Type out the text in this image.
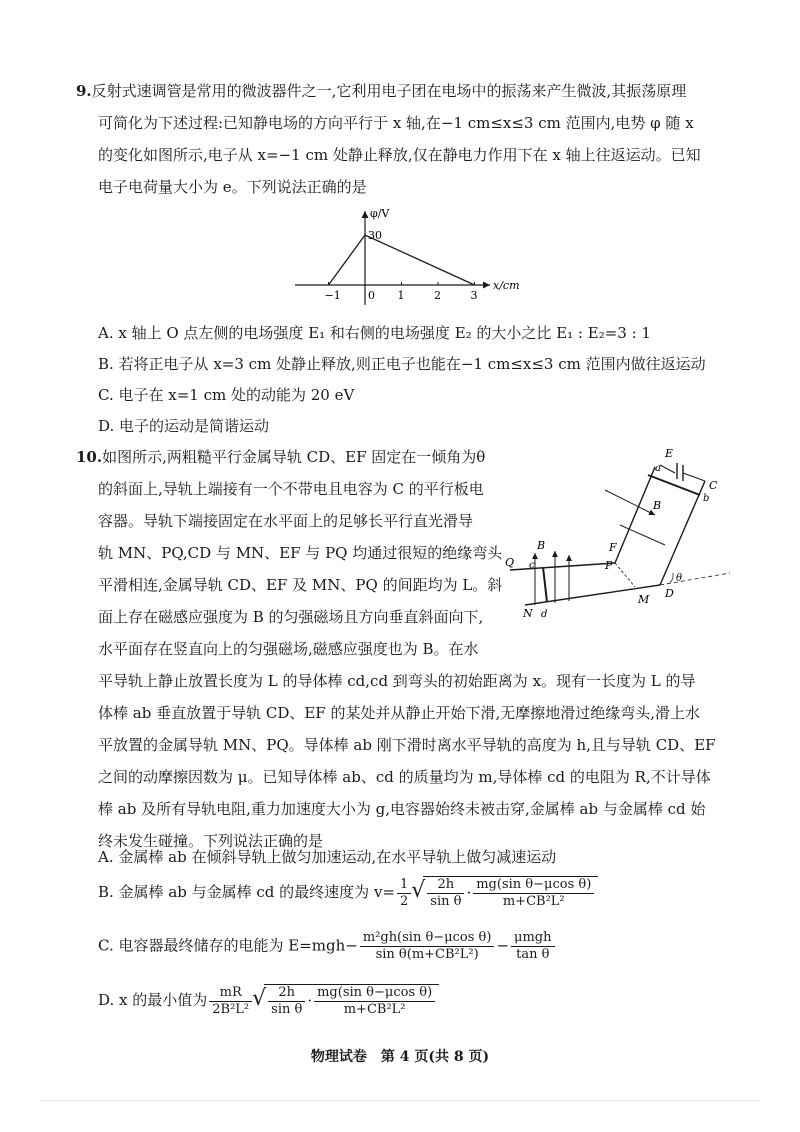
9.反射式速调管是常用的微波器件之一,它利用电子团在电场中的振荡来产生微波,其振荡原理
可简化为下述过程:已知静电场的方向平行于 x 轴,在−1 cm≤x≤3 cm 范围内,电势 φ 随 x
的变化如图所示,电子从 x=−1 cm 处静止释放,仅在静电力作用下在 x 轴上往返运动。已知
电子电荷量大小为 e。下列说法正确的是
φ/V
x/cm
−1 0 1	2	3
30
A. x 轴上 O 点左侧的电场强度 E₁ 和右侧的电场强度 E₂ 的大小之比 E₁ : E₂=3 : 1
B. 若将正电子从 x=3 cm 处静止释放,则正电子也能在−1 cm≤x≤3 cm 范围内做往返运动
C. 电子在 x=1 cm 处的动能为 20 eV
D. 电子的运动是简谐运动
10.如图所示,两粗糙平行金属导轨 CD、EF 固定在一倾角为θ
的斜面上,导轨上端接有一个不带电且电容为 C 的平行板电
容器。导轨下端接固定在水平面上的足够长平行直光滑导
轨 MN、PQ,CD 与 MN、EF 与 PQ 均通过很短的绝缘弯头
平滑相连,金属导轨 CD、EF 及 MN、PQ 的间距均为 L。斜
面上存在磁感应强度为 B 的匀强磁场且方向垂直斜面向下,
水平面存在竖直向上的匀强磁场,磁感应强度也为 B。在水
平导轨上静止放置长度为 L 的导体棒 cd,cd 到弯头的初始距离为 x。现有一长度为 L 的导
体棒 ab 垂直放置于导轨 CD、EF 的某处并从静止开始下滑,无摩擦地滑过绝缘弯头,滑上水
平放置的金属导轨 MN、PQ。导体棒 ab 刚下滑时离水平导轨的高度为 h,且与导轨 CD、EF
之间的动摩擦因数为 μ。已知导体棒 ab、cd 的质量均为 m,导体棒 cd 的电阻为 R,不计导体
棒 ab 及所有导轨电阻,重力加速度大小为 g,电容器始终未被击穿,金属棒 ab 与金属棒 cd 始
终未发生碰撞。下列说法正确的是
E
a
C
b
B
F
P
θ
D
M
Q c
B
N d
A. 金属棒 ab 在倾斜导轨上做匀加速运动,在水平导轨上做匀减速运动
B. 金属棒 ab 与金属棒 cd 的最终速度为 $v= \frac{1}{2}$ √ $\frac{2h}{\text{sin θ}} \cdot \frac{\text{mg(sin θ−μcos θ)}}{\text{m+CB²L²}}$
C. 电容器最终储存的电能为 $E=mgh- \frac{\text{m²gh(sin θ−μcos θ)}}{\text{sin θ(m+CB²L²)}} - \frac{\text{μmgh}}{\text{tan θ}}$
D. x 的最小值为 $\frac{mR}{\text{2B²L²}}$ √ $\frac{2h}{\text{sin θ}} \cdot \frac{\text{mg(sin θ−μcos θ)}}{\text{m+CB²L²}}$
物理试卷　第 4 页(共 8 页)
